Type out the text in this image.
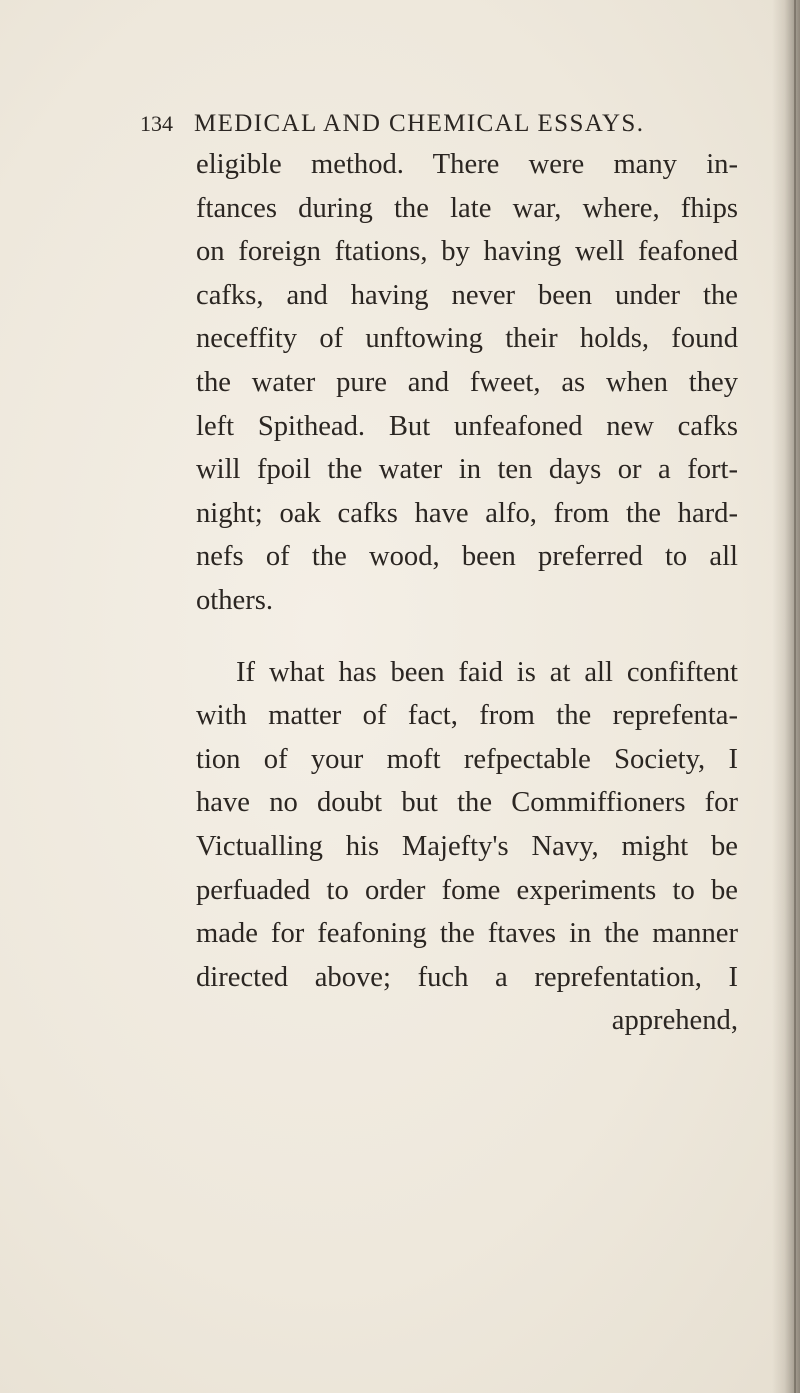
134 MEDICAL AND CHEMICAL ESSAYS.
eligible method. There were many in-
ftances during the late war, where, fhips
on foreign ftations, by having well feafoned
cafks, and having never been under the
neceffity of unftowing their holds, found
the water pure and fweet, as when they
left Spithead. But unfeafoned new cafks
will fpoil the water in ten days or a fort-
night; oak cafks have alfo, from the hard-
nefs of the wood, been preferred to all
others.
If what has been faid is at all confiftent
with matter of fact, from the reprefenta-
tion of your moft refpectable Society, I
have no doubt but the Commiffioners for
Victualling his Majefty's Navy, might be
perfuaded to order fome experiments to be
made for feafoning the ftaves in the manner
directed above; fuch a reprefentation, I
apprehend,
